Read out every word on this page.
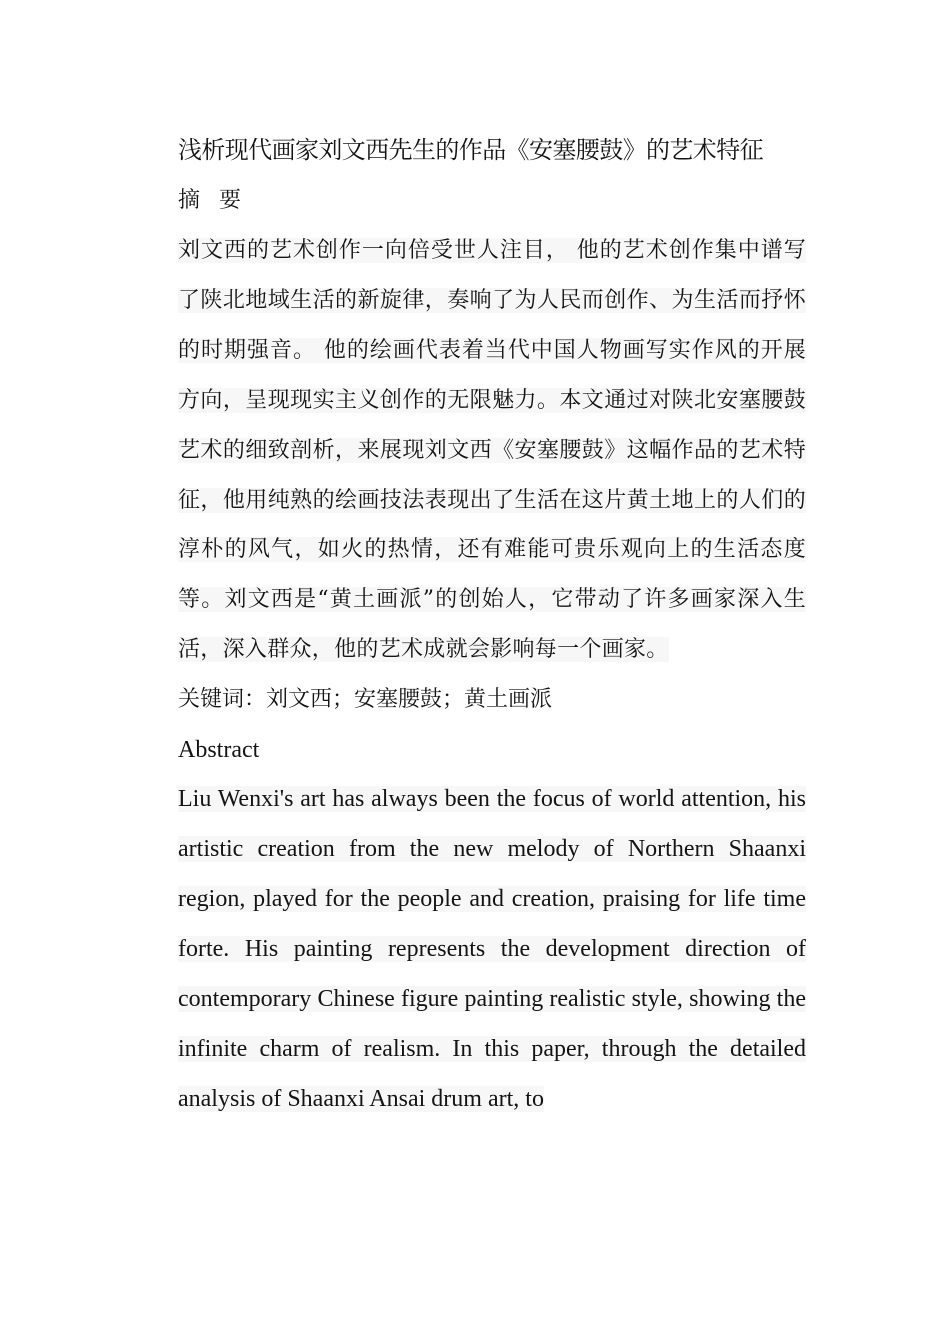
浅析现代画家刘文西先生的作品《安塞腰鼓》的艺术特征

摘 要

刘文西的艺术创作一向倍受世人注目， 他的艺术创作集中谱写了陕北地域生活的新旋律，奏响了为人民而创作、为生活而抒怀的时期强音。 他的绘画代表着当代中国人物画写实作风的开展方向，呈现现实主义创作的无限魅力。本文通过对陕北安塞腰鼓艺术的细致剖析，来展现刘文西《安塞腰鼓》这幅作品的艺术特征，他用纯熟的绘画技法表现出了生活在这片黄土地上的人们的淳朴的风气，如火的热情，还有难能可贵乐观向上的生活态度等。刘文西是“黄土画派”的创始人，它带动了许多画家深入生活，深入群众，他的艺术成就会影响每一个画家。

关键词：刘文西；安塞腰鼓；黄土画派

Abstract

Liu Wenxi's art has always been the focus of world attention, his artistic creation from the new melody of Northern Shaanxi region, played for the people and creation, praising for life time forte. His painting represents the development direction of contemporary Chinese figure painting realistic style, showing the infinite charm of realism. In this paper, through the detailed analysis of Shaanxi Ansai drum art, to
